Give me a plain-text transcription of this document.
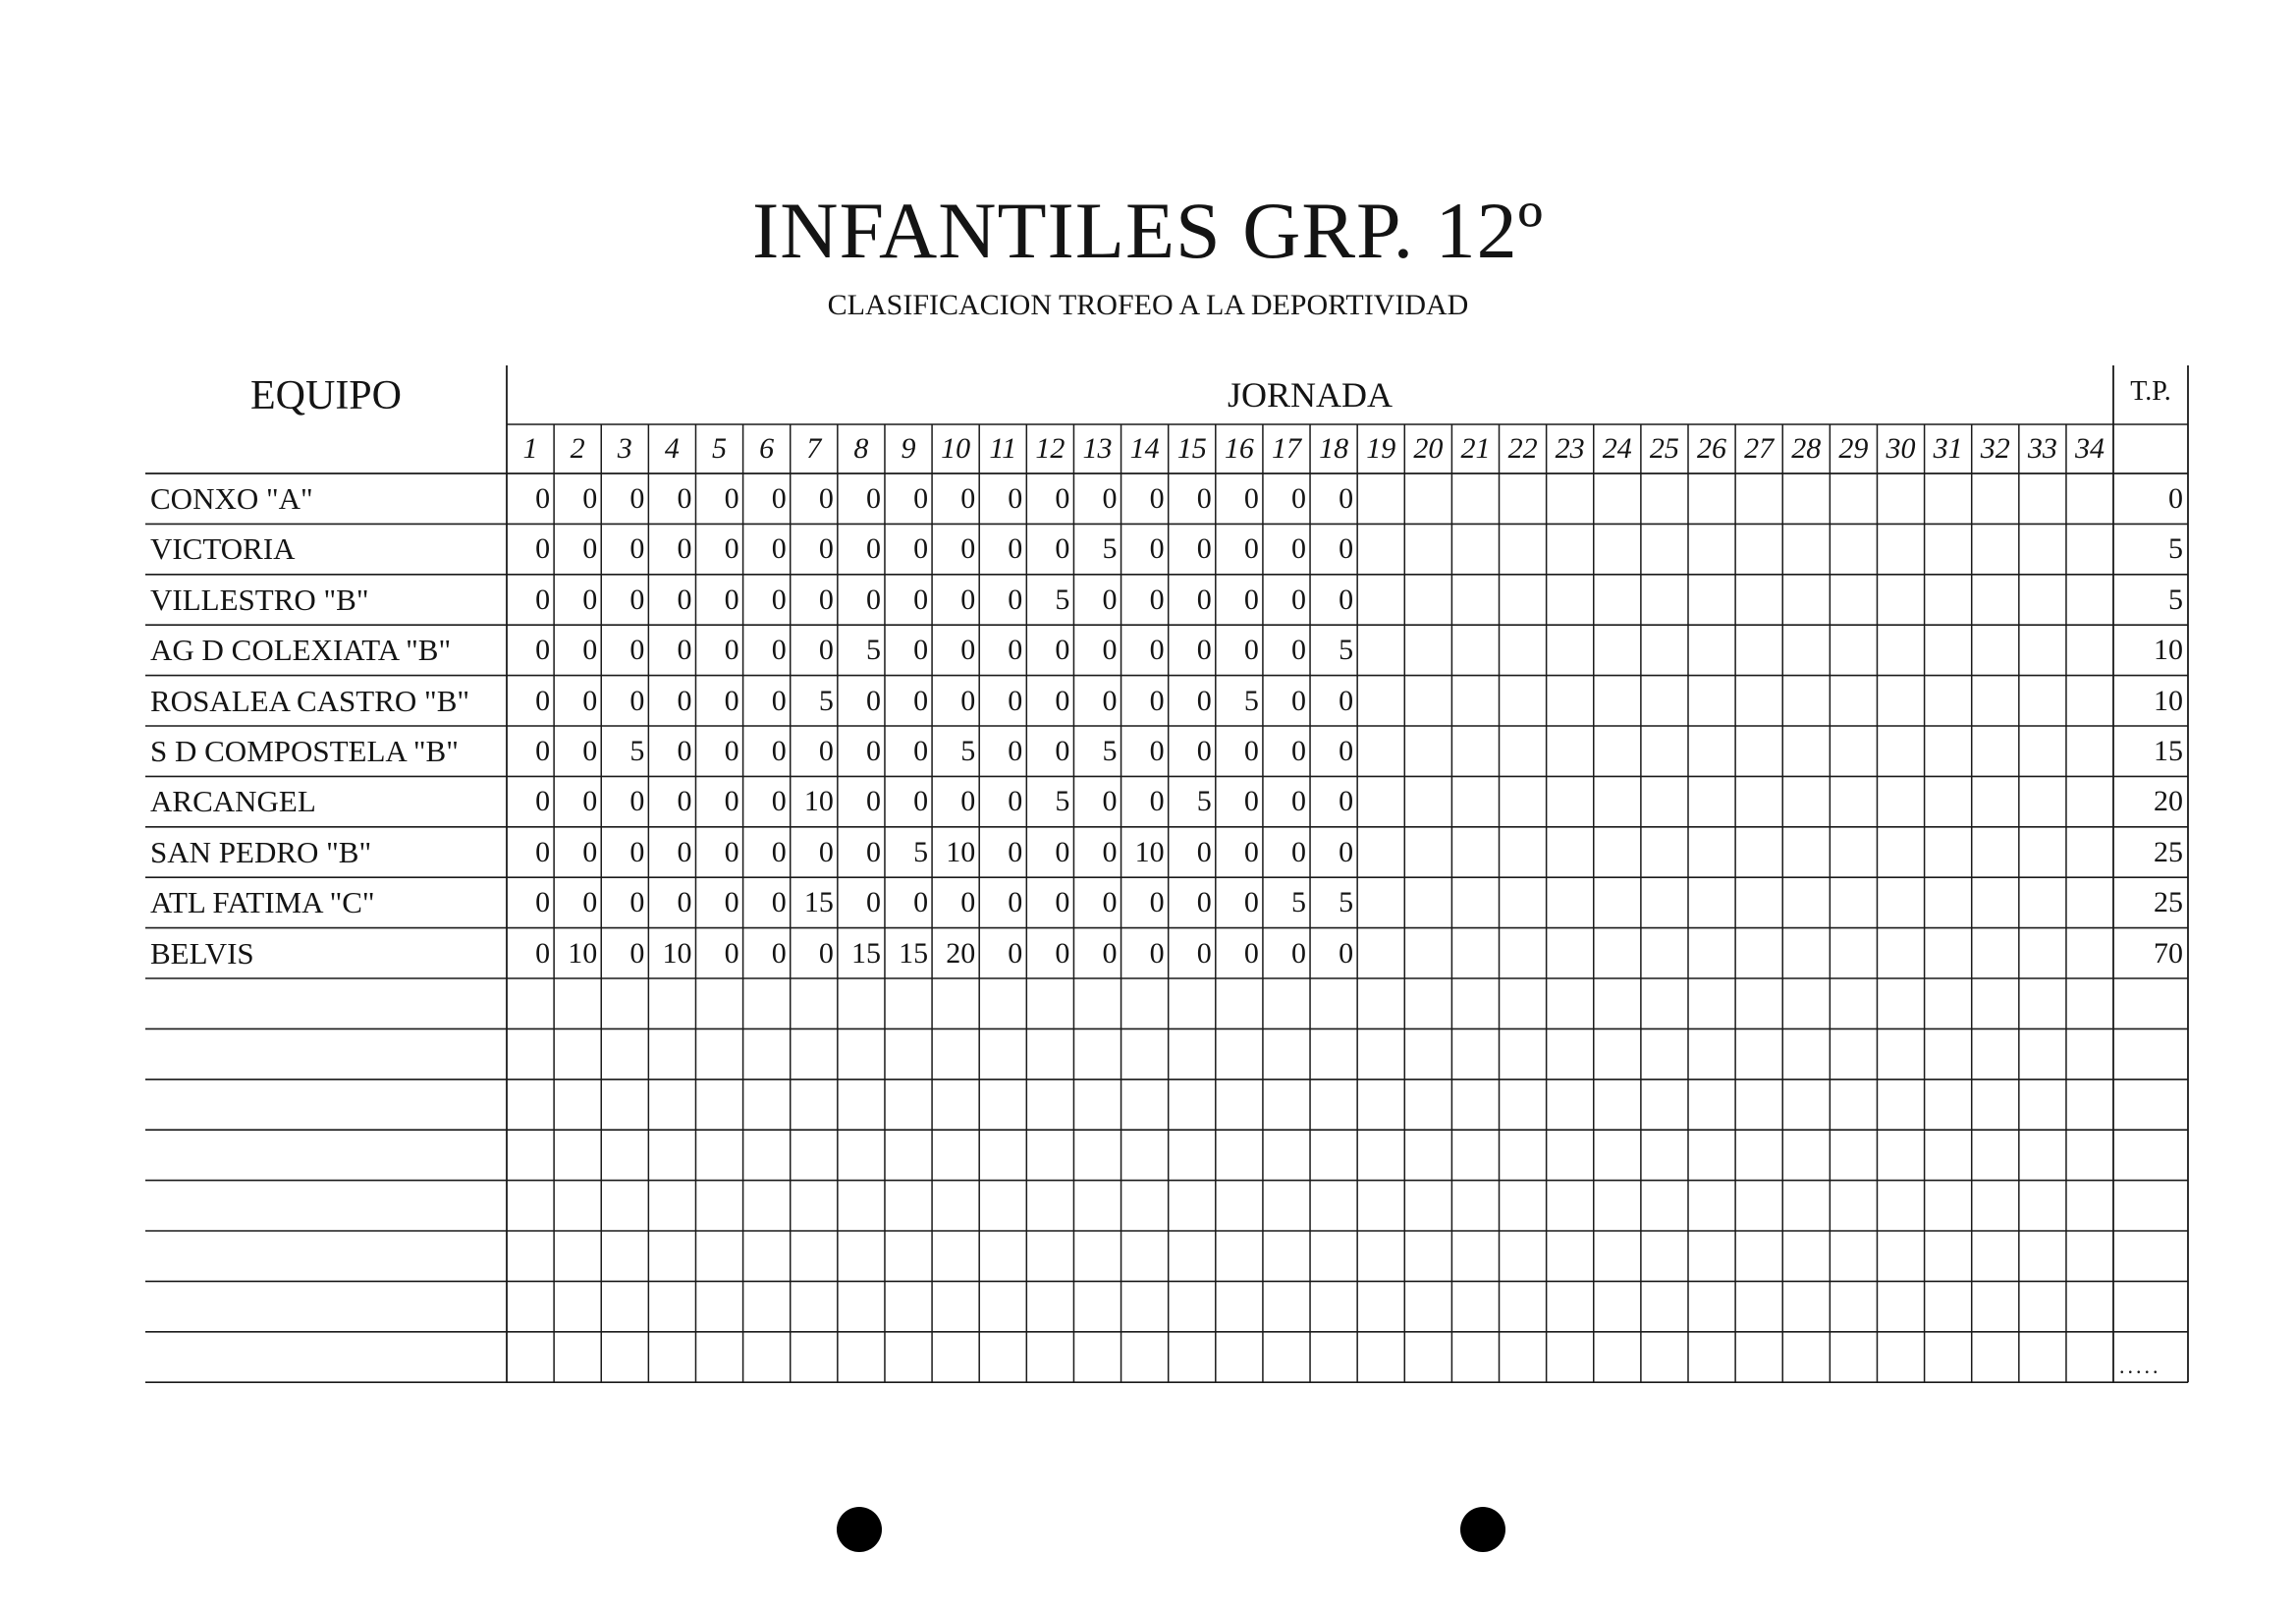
INFANTILES GRP. 12º
CLASIFICACION TROFEO A LA DEPORTIVIDAD
EQUIPO	JORNADA	T.P.
1	2	3	4	5	6	7	8	9 10 11 12 13 14 15 16 17 18 19 20 21 22 23 24 25 26 27 28 29 30 31 32 33 34
CONXO "A"	0	0	0	0	0	0	0	0	0	0	0	0	0	0	0	0	0	0	0
VICTORIA	0	0	0	0	0	0	0	0	0	0	0	0	5	0	0	0	0	0	5
VILLESTRO "B"	0	0	0	0	0	0	0	0	0	0	0	5	0	0	0	0	0	0	5
AG D COLEXIATA "B"	0	0	0	0	0	0	0	5	0	0	0	0	0	0	0	0	0	5	10
ROSALEA CASTRO "B"	0	0	0	0	0	0	5	0	0	0	0	0	0	0	0	5	0	0	10
S D COMPOSTELA "B"	0	0	5	0	0	0	0	0	0	5	0	0	5	0	0	0	0	0	15
ARCANGEL	0	0	0	0	0	0 10	0	0	0	0	5	0	0	5	0	0	0	20
SAN PEDRO "B"	0	0	0	0	0	0	0	0	5 10	0	0	0 10	0	0	0	0	25
ATL FATIMA "C"	0	0	0	0	0	0 15	0	0	0	0	0	0	0	0	0	5	5	25
BELVIS	0 10	0 10	0	0	0 15 15 20	0	0	0	0	0	0	0	0	70
.....
